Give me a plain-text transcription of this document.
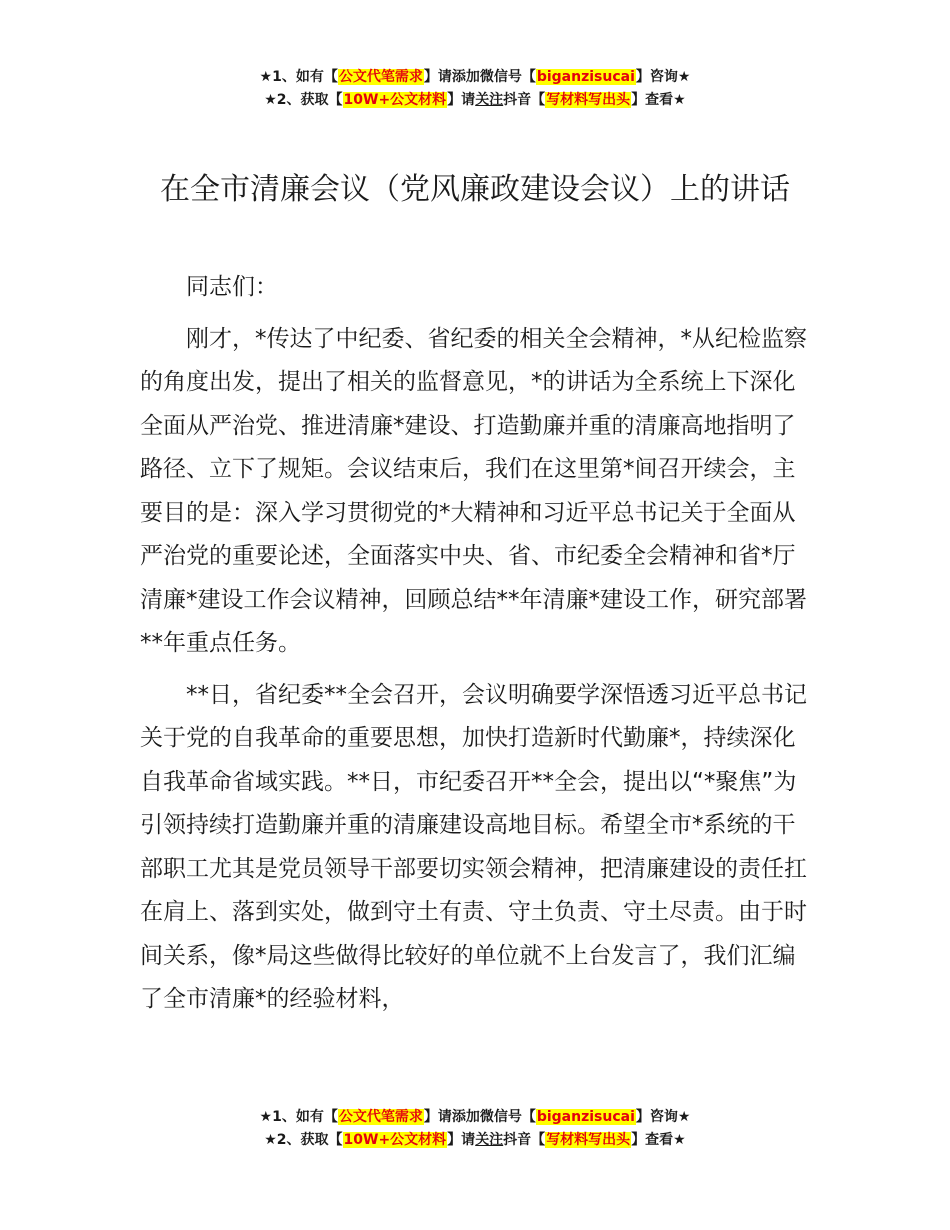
★1、如有【公文代笔需求】请添加微信号【biganzisucai】咨询★
★2、获取【10W+公文材料】请关注抖音【写材料写出头】查看★
在全市清廉会议（党风廉政建设会议）上的讲话

同志们：

刚才，*传达了中纪委、省纪委的相关全会精神，*从纪检监察的角度出发，提出了相关的监督意见，*的讲话为全系统上下深化全面从严治党、推进清廉*建设、打造勤廉并重的清廉高地指明了路径、立下了规矩。会议结束后，我们在这里第*间召开续会，主要目的是：深入学习贯彻党的*大精神和习近平总书记关于全面从严治党的重要论述，全面落实中央、省、市纪委全会精神和省*厅清廉*建设工作会议精神，回顾总结**年清廉*建设工作，研究部署**年重点任务。

**日，省纪委**全会召开，会议明确要学深悟透习近平总书记关于党的自我革命的重要思想，加快打造新时代勤廉*，持续深化自我革命省域实践。**日，市纪委召开**全会，提出以“*聚焦”为引领持续打造勤廉并重的清廉建设高地目标。希望全市*系统的干部职工尤其是党员领导干部要切实领会精神，把清廉建设的责任扛在肩上、落到实处，做到守土有责、守土负责、守土尽责。由于时间关系，像*局这些做得比较好的单位就不上台发言了，我们汇编了全市清廉*的经验材料，

★1、如有【公文代笔需求】请添加微信号【biganzisucai】咨询★
★2、获取【10W+公文材料】请关注抖音【写材料写出头】查看★
